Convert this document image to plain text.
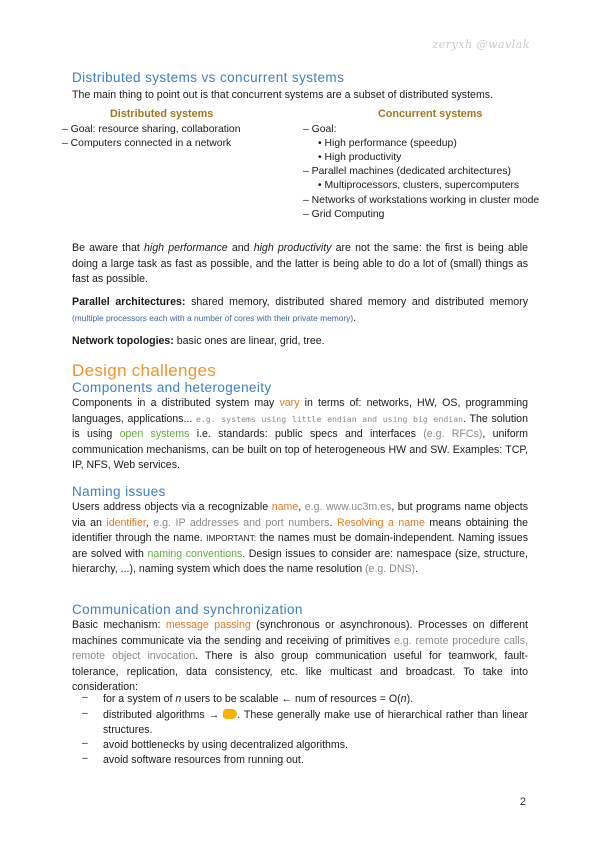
zeryxh @wavlak
Distributed systems vs concurrent systems
The main thing to point out is that concurrent systems are a subset of distributed systems.
Distributed systems	Concurrent systems
– Goal: resource sharing, collaboration
– Computers connected in a network
– Goal:
• High performance (speedup)
• High productivity
– Parallel machines (dedicated architectures)
• Multiprocessors, clusters, supercomputers
– Networks of workstations working in cluster mode
– Grid Computing
Be aware that high performance and high productivity are not the same: the first is being able doing a large task as fast as possible, and the latter is being able to do a lot of (small) things as fast as possible.
Parallel architectures: shared memory, distributed shared memory and distributed memory (multiple processors each with a number of cores with their private memory).
Network topologies: basic ones are linear, grid, tree.
Design challenges
Components and heterogeneity
Components in a distributed system may vary in terms of: networks, HW, OS, programming languages, applications... e.g. systems using little endian and using big endian. The solution is using open systems i.e. standards: public specs and interfaces (e.g. RFCs), uniform communication mechanisms, can be built on top of heterogeneous HW and SW. Examples: TCP, IP, NFS, Web services.
Naming issues
Users address objects via a recognizable name, e.g. www.uc3m.es, but programs name objects via an identifier, e.g. IP addresses and port numbers. Resolving a name means obtaining the identifier through the name. IMPORTANT: the names must be domain-independent. Naming issues are solved with naming conventions. Design issues to consider are: namespace (size, structure, hierarchy, ...), naming system which does the name resolution (e.g. DNS).
Communication and synchronization
Basic mechanism: message passing (synchronous or asynchronous). Processes on different machines communicate via the sending and receiving of primitives e.g. remote procedure calls, remote object invocation. There is also group communication useful for teamwork, fault-tolerance, replication, data consistency, etc. like multicast and broadcast. To take into consideration:
– for a system of n users to be scalable ← num of resources = O(n).
– distributed algorithms → . These generally make use of hierarchical rather than linear structures.
– avoid bottlenecks by using decentralized algorithms.
– avoid software resources from running out.
2
